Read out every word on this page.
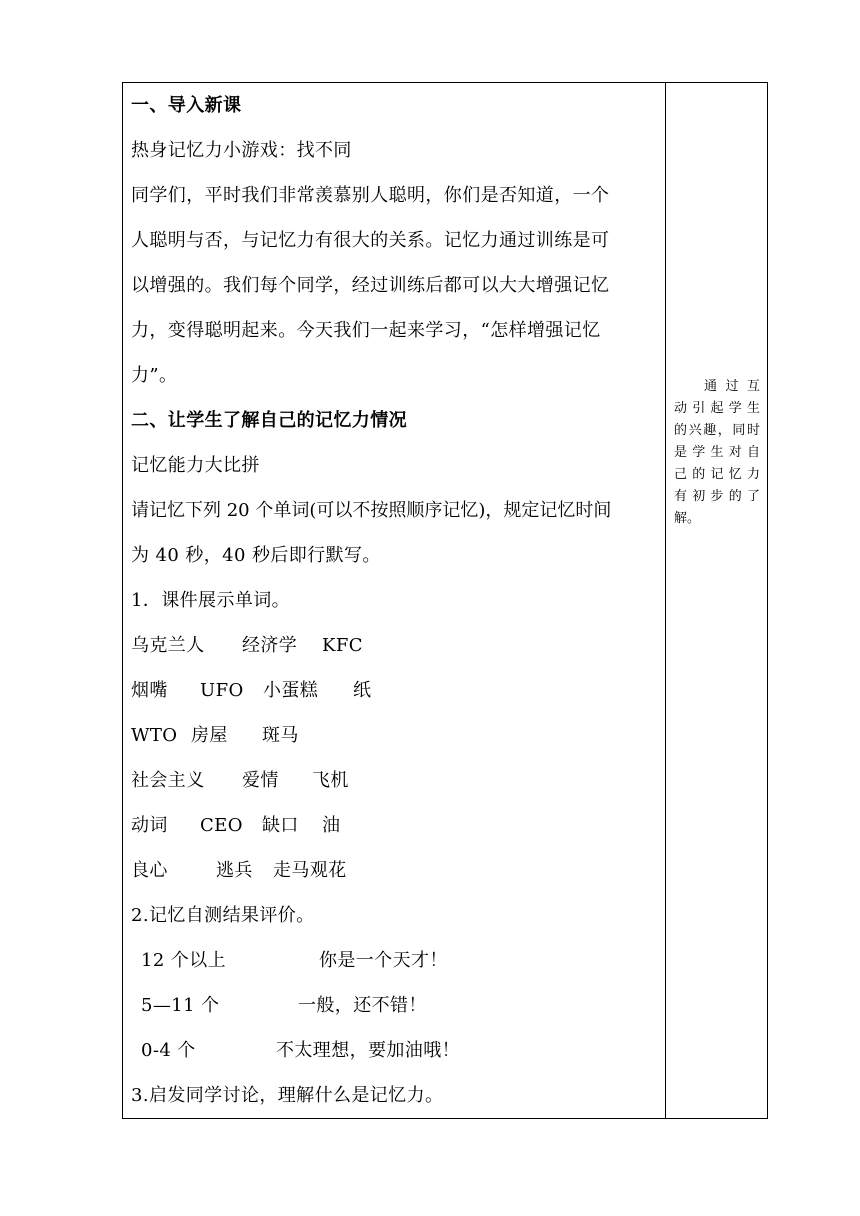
一、导入新课
热身记忆力小游戏：找不同
同学们，平时我们非常羡慕别人聪明，你们是否知道，一个
人聪明与否，与记忆力有很大的关系。记忆力通过训练是可
以增强的。我们每个同学，经过训练后都可以大大增强记忆
力，变得聪明起来。今天我们一起来学习，“怎样增强记忆
力”。
二、让学生了解自己的记忆力情况
记忆能力大比拼
请记忆下列 20 个单词(可以不按照顺序记忆)，规定记忆时间
为 40 秒，40 秒后即行默写。
1．课件展示单词。
乌克兰人 经济学 KFC
烟嘴 UFO 小蛋糕 纸
WTO 房屋 斑马
社会主义 爱情 飞机
动词 CEO 缺口 油
良心	逃兵 走马观花
2.记忆自测结果评价。
12 个以上	你是一个天才！
5—11 个	一般，还不错！
0-4 个	不太理想，要加油哦！
3.启发同学讨论，理解什么是记忆力。
通过互
动引起学生
的兴趣，同时
是学生对自
己的记忆力
有初步的了
解。
